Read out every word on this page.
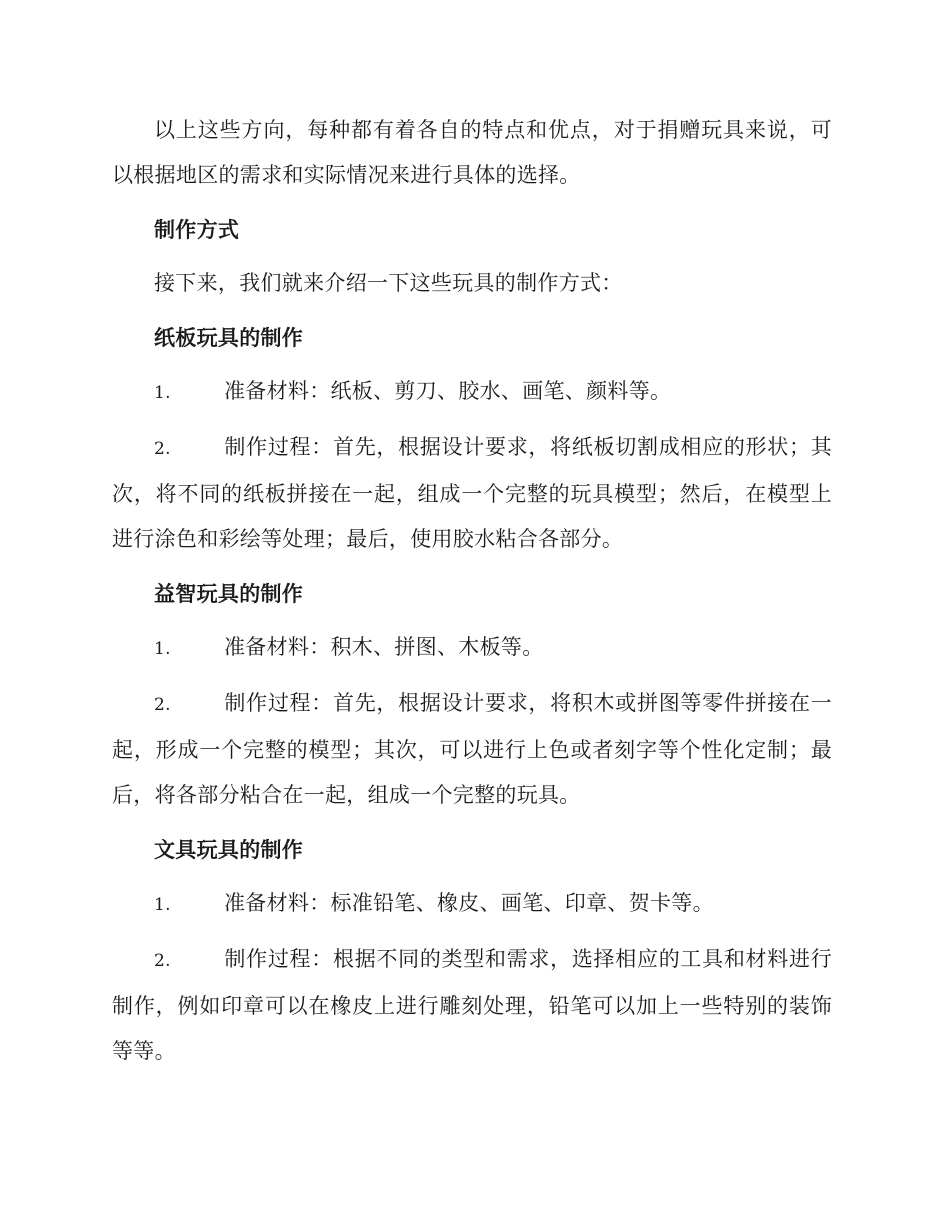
以上这些方向，每种都有着各自的特点和优点，对于捐赠玩具来说，可以根据地区的需求和实际情况来进行具体的选择。

制作方式

接下来，我们就来介绍一下这些玩具的制作方式：

纸板玩具的制作

1.	准备材料：纸板、剪刀、胶水、画笔、颜料等。

2.	制作过程：首先，根据设计要求，将纸板切割成相应的形状；其次，将不同的纸板拼接在一起，组成一个完整的玩具模型；然后，在模型上进行涂色和彩绘等处理；最后，使用胶水粘合各部分。

益智玩具的制作

1.	准备材料：积木、拼图、木板等。

2.	制作过程：首先，根据设计要求，将积木或拼图等零件拼接在一起，形成一个完整的模型；其次，可以进行上色或者刻字等个性化定制；最后，将各部分粘合在一起，组成一个完整的玩具。

文具玩具的制作

1.	准备材料：标准铅笔、橡皮、画笔、印章、贺卡等。

2.	制作过程：根据不同的类型和需求，选择相应的工具和材料进行制作，例如印章可以在橡皮上进行雕刻处理，铅笔可以加上一些特别的装饰等等。
